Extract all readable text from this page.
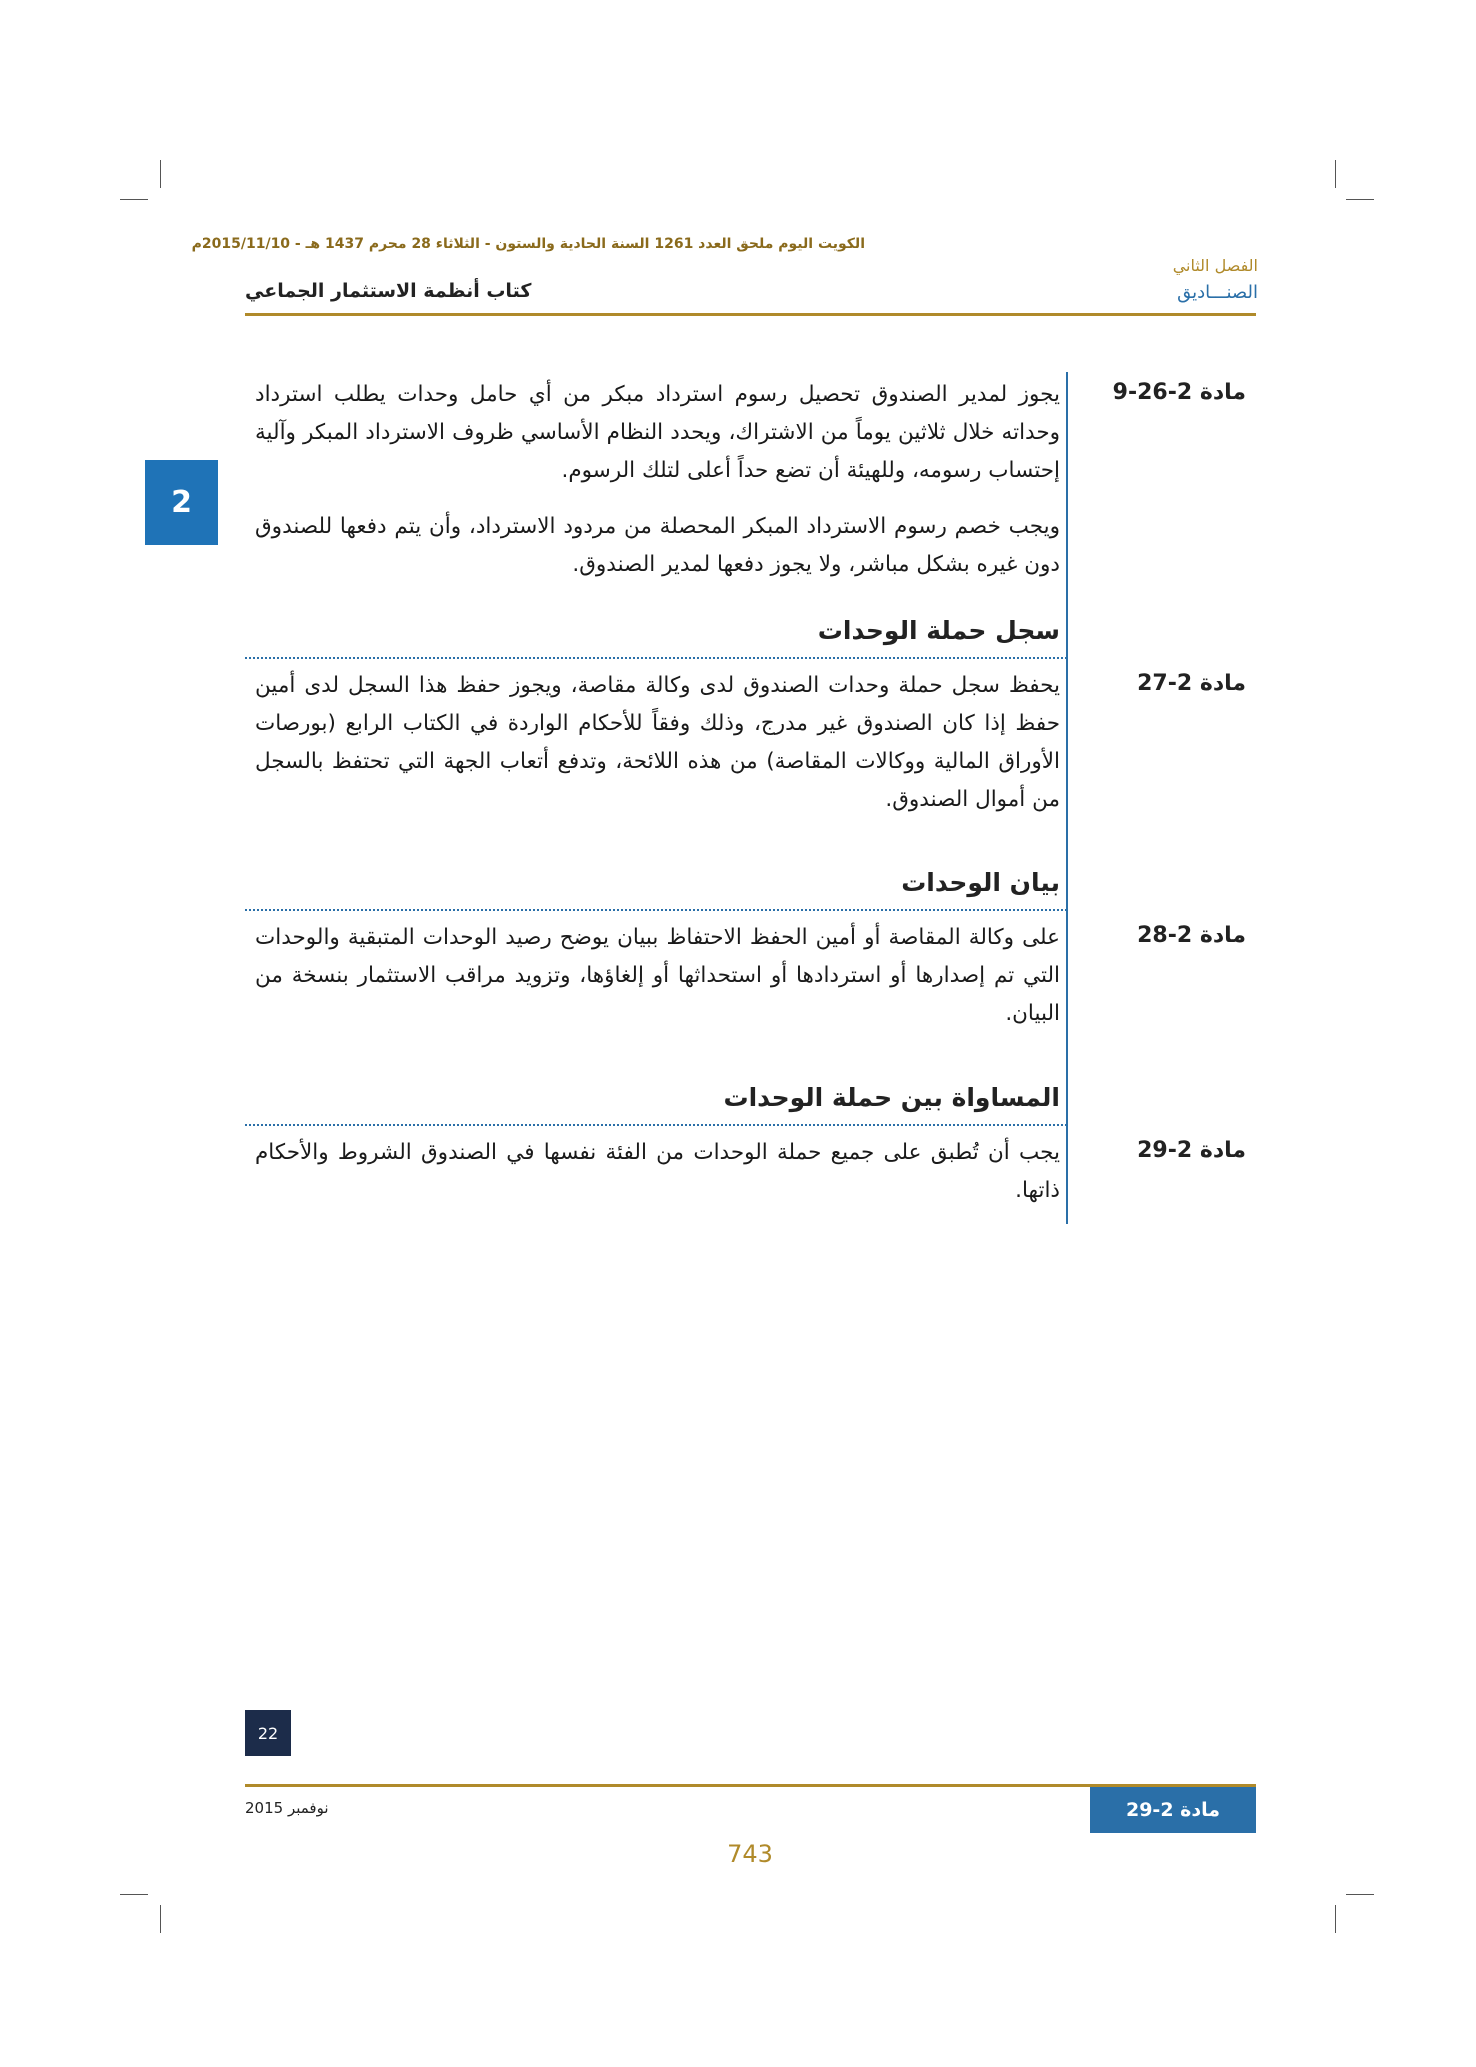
الكويت اليوم ملحق العدد 1261 السنة الحادية والستون - الثلاثاء 28 محرم 1437 هـ - 2015/11/10م
الفصل الثاني
الصنـــاديق
كتاب أنظمة الاستثمار الجماعي
2
مادة 2-26-9
يجوز لمدير الصندوق تحصيل رسوم استرداد مبكر من أي حامل وحدات يطلب استرداد وحداته خلال ثلاثين يوماً من الاشتراك، ويحدد النظام الأساسي ظروف الاسترداد المبكر وآلية إحتساب رسومه، وللهيئة أن تضع حداً أعلى لتلك الرسوم.
ويجب خصم رسوم الاسترداد المبكر المحصلة من مردود الاسترداد، وأن يتم دفعها للصندوق دون غيره بشكل مباشر، ولا يجوز دفعها لمدير الصندوق.
سجل حملة الوحدات
مادة 2-27
يحفظ سجل حملة وحدات الصندوق لدى وكالة مقاصة، ويجوز حفظ هذا السجل لدى أمين حفظ إذا كان الصندوق غير مدرج، وذلك وفقاً للأحكام الواردة في الكتاب الرابع (بورصات الأوراق المالية ووكالات المقاصة) من هذه اللائحة، وتدفع أتعاب الجهة التي تحتفظ بالسجل من أموال الصندوق.
بيان الوحدات
مادة 2-28
على وكالة المقاصة أو أمين الحفظ الاحتفاظ ببيان يوضح رصيد الوحدات المتبقية والوحدات التي تم إصدارها أو استردادها أو استحداثها أو إلغاؤها، وتزويد مراقب الاستثمار بنسخة من البيان.
المساواة بين حملة الوحدات
مادة 2-29
يجب أن تُطبق على جميع حملة الوحدات من الفئة نفسها في الصندوق الشروط والأحكام ذاتها.
22
مادة 2-29
نوفمبر 2015
743
